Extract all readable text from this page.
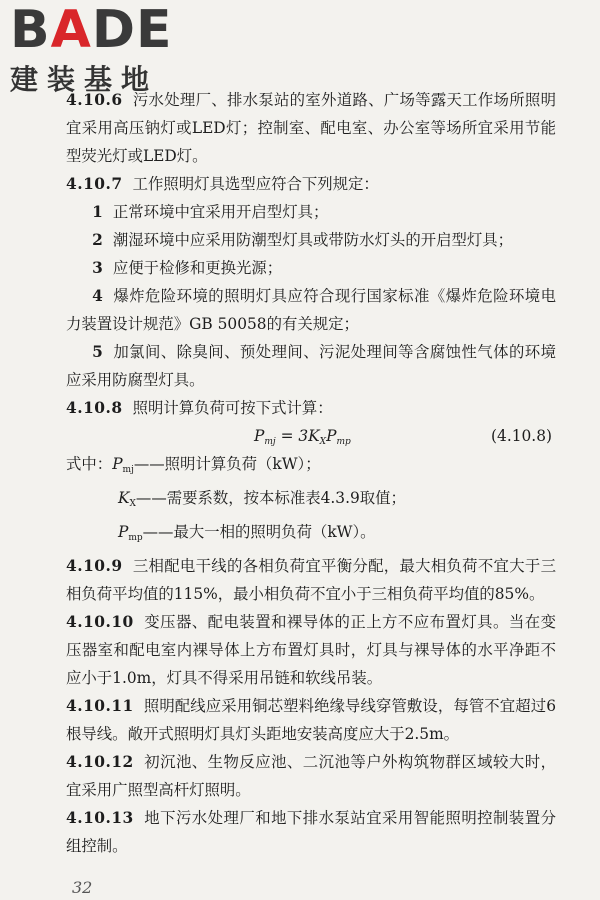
BADE
建装基地

4.10.6 污水处理厂、排水泵站的室外道路、广场等露天工作场所照明宜采用高压钠灯或LED灯；控制室、配电室、办公室等场所宜采用节能型荧光灯或LED灯。

4.10.7 工作照明灯具选型应符合下列规定：

1 正常环境中宜采用开启型灯具；

2 潮湿环境中应采用防潮型灯具或带防水灯头的开启型灯具；

3 应便于检修和更换光源；

4 爆炸危险环境的照明灯具应符合现行国家标准《爆炸危险环境电力装置设计规范》GB 50058的有关规定；

5 加氯间、除臭间、预处理间、污泥处理间等含腐蚀性气体的环境应采用防腐型灯具。

4.10.8 照明计算负荷可按下式计算：

$P_{mj} = 3K_XP_{mp}$	(4.10.8)

式中：$P_{mj}——$照明计算负荷（kW）；

$K_X——$需要系数，按本标准表4.3.9取值；

$P_{mp}——$最大一相的照明负荷（kW）。

4.10.9 三相配电干线的各相负荷宜平衡分配，最大相负荷不宜大于三相负荷平均值的115%，最小相负荷不宜小于三相负荷平均值的85%。

4.10.10 变压器、配电装置和裸导体的正上方不应布置灯具。当在变压器室和配电室内裸导体上方布置灯具时，灯具与裸导体的水平净距不应小于1.0m，灯具不得采用吊链和软线吊装。

4.10.11 照明配线应采用铜芯塑料绝缘导线穿管敷设，每管不宜超过6根导线。敞开式照明灯具灯头距地安装高度应大于2.5m。

4.10.12 初沉池、生物反应池、二沉池等户外构筑物群区域较大时，宜采用广照型高杆灯照明。

4.10.13 地下污水处理厂和地下排水泵站宜采用智能照明控制装置分组控制。

32
